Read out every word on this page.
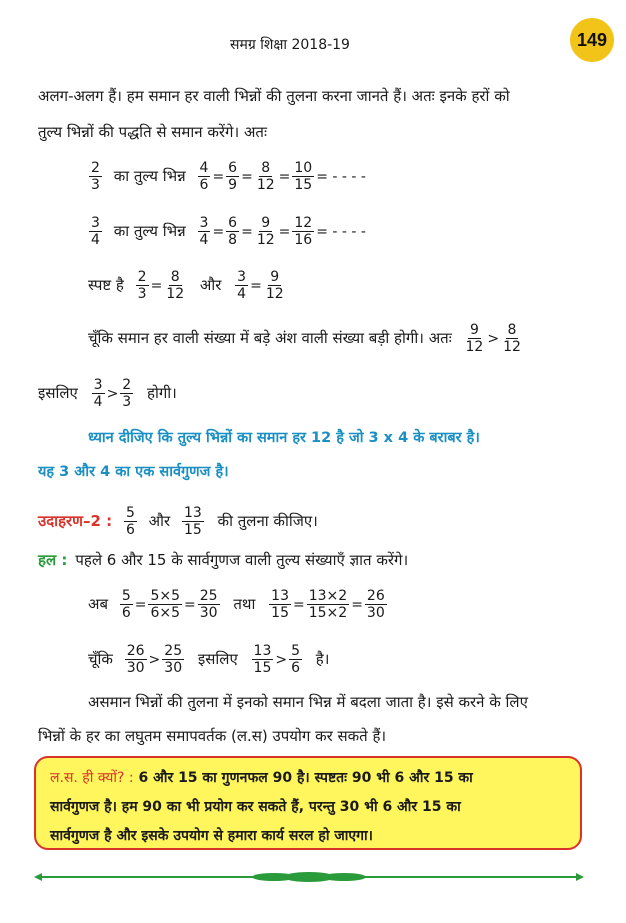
समग्र शिक्षा 2018-19	149
अलग-अलग हैं। हम समान हर वाली भिन्नों की तुलना करना जानते हैं। अतः इनके हरों को
तुल्य भिन्नों की पद्धति से समान करेंगे। अतः
$\frac{2}{3}$ का तुल्य भिन्न $\frac{4}{6} = \frac{6}{9} = \frac{8}{12} = \frac{10}{15}$ = - - - -
$\frac{3}{4}$ का तुल्य भिन्न $\frac{3}{4} = \frac{6}{8} = \frac{9}{12} = \frac{12}{16}$ = - - - -
स्पष्ट है $\frac{2}{3} = \frac{8}{12}$ और $\frac{3}{4} = \frac{9}{12}$
चूँकि समान हर वाली संख्या में बड़े अंश वाली संख्या बड़ी होगी। अतः $\frac{9}{12} > \frac{8}{12}$
इसलिए $\frac{3}{4} > \frac{2}{3}$ होगी।
ध्यान दीजिए कि तुल्य भिन्नों का समान हर 12 है जो 3 x 4 के बराबर है।
यह 3 और 4 का एक सार्वगुणज है।
उदाहरण–2 : $\frac{5}{6}$ और $\frac{13}{15}$ की तुलना कीजिए।
हल : पहले 6 और 15 के सार्वगुणज वाली तुल्य संख्याएँ ज्ञात करेंगे।
अब $\frac{5}{6} = \frac{5\times 5}{6\times 5} = \frac{25}{30}$ तथा $\frac{13}{15} = \frac{13\times 2}{15\times 2} = \frac{26}{30}$
चूँकि $\frac{26}{30} > \frac{25}{30}$ इसलिए $\frac{13}{15} > \frac{5}{6}$ है।
असमान भिन्नों की तुलना में इनको समान भिन्न में बदला जाता है। इसे करने के लिए
भिन्नों के हर का लघुतम समापवर्तक (ल.स) उपयोग कर सकते हैं।
ल.स. ही क्यों? : 6 और 15 का गुणनफल 90 है। स्पष्टतः 90 भी 6 और 15 का
सार्वगुणज है। हम 90 का भी प्रयोग कर सकते हैं, परन्तु 30 भी 6 और 15 का
सार्वगुणज है और इसके उपयोग से हमारा कार्य सरल हो जाएगा।
